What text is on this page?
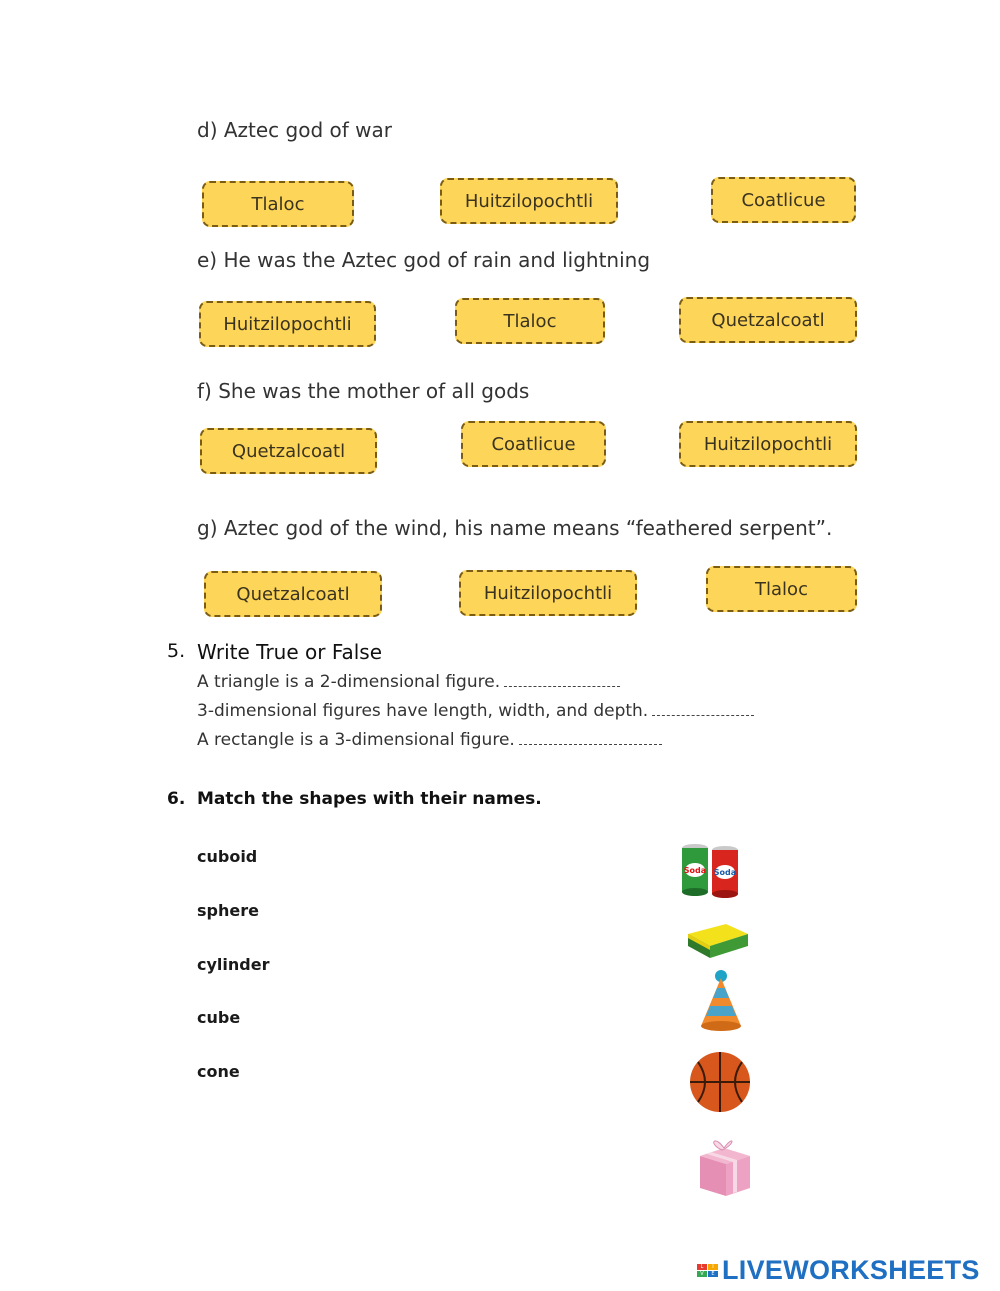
d) Aztec god of war
Tlaloc	Huitzilopochtli	Coatlicue
e) He was the Aztec god of rain and lightning
Huitzilopochtli	Tlaloc	Quetzalcoatl
f) She was the mother of all gods
Quetzalcoatl	Coatlicue	Huitzilopochtli
g) Aztec god of the wind, his name means “feathered serpent”.
Quetzalcoatl	Huitzilopochtli	Tlaloc
5. Write True or False
A triangle is a 2-dimensional figure.
3-dimensional figures have length, width, and depth.
A rectangle is a 3-dimensional figure.
6. Match the shapes with their names.
cuboid
sphere
cylinder
cube
cone
Soda Soda
L	I
V	E LIVEWORKSHEETS
